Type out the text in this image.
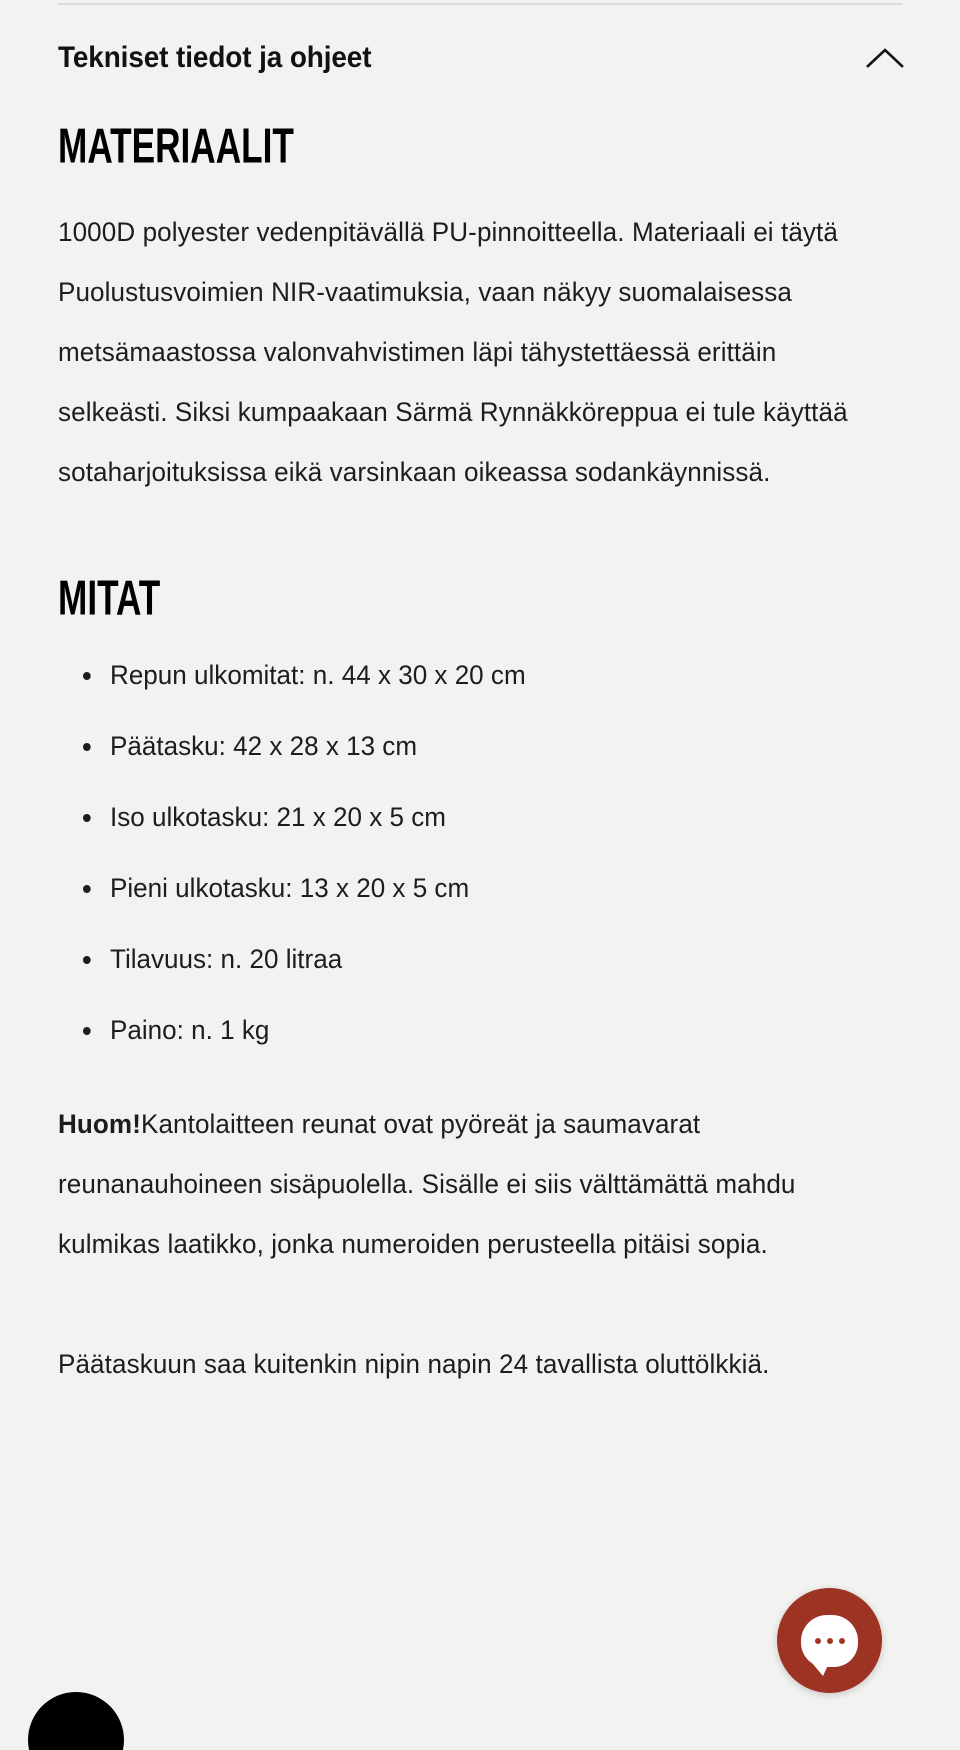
Tekniset tiedot ja ohjeet
MATERIAALIT

1000D polyester vedenpitävällä PU-pinnoitteella. Materiaali ei täytä Puolustusvoimien NIR-vaatimuksia, vaan näkyy suomalaisessa metsämaastossa valonvahvistimen läpi tähystettäessä erittäin selkeästi. Siksi kumpaakaan Särmä Rynnäkköreppua ei tule käyttää sotaharjoituksissa eikä varsinkaan oikeassa sodankäynnissä.

MITAT
Repun ulkomitat: n. 44 x 30 x 20 cm
Päätasku: 42 x 28 x 13 cm
Iso ulkotasku: 21 x 20 x 5 cm
Pieni ulkotasku: 13 x 20 x 5 cm
Tilavuus: n. 20 litraa
Paino: n. 1 kg

Huom!Kantolaitteen reunat ovat pyöreät ja saumavarat reunanauhoineen sisäpuolella. Sisälle ei siis välttämättä mahdu kulmikas laatikko, jonka numeroiden perusteella pitäisi sopia.

Päätaskuun saa kuitenkin nipin napin 24 tavallista oluttölkkiä.
